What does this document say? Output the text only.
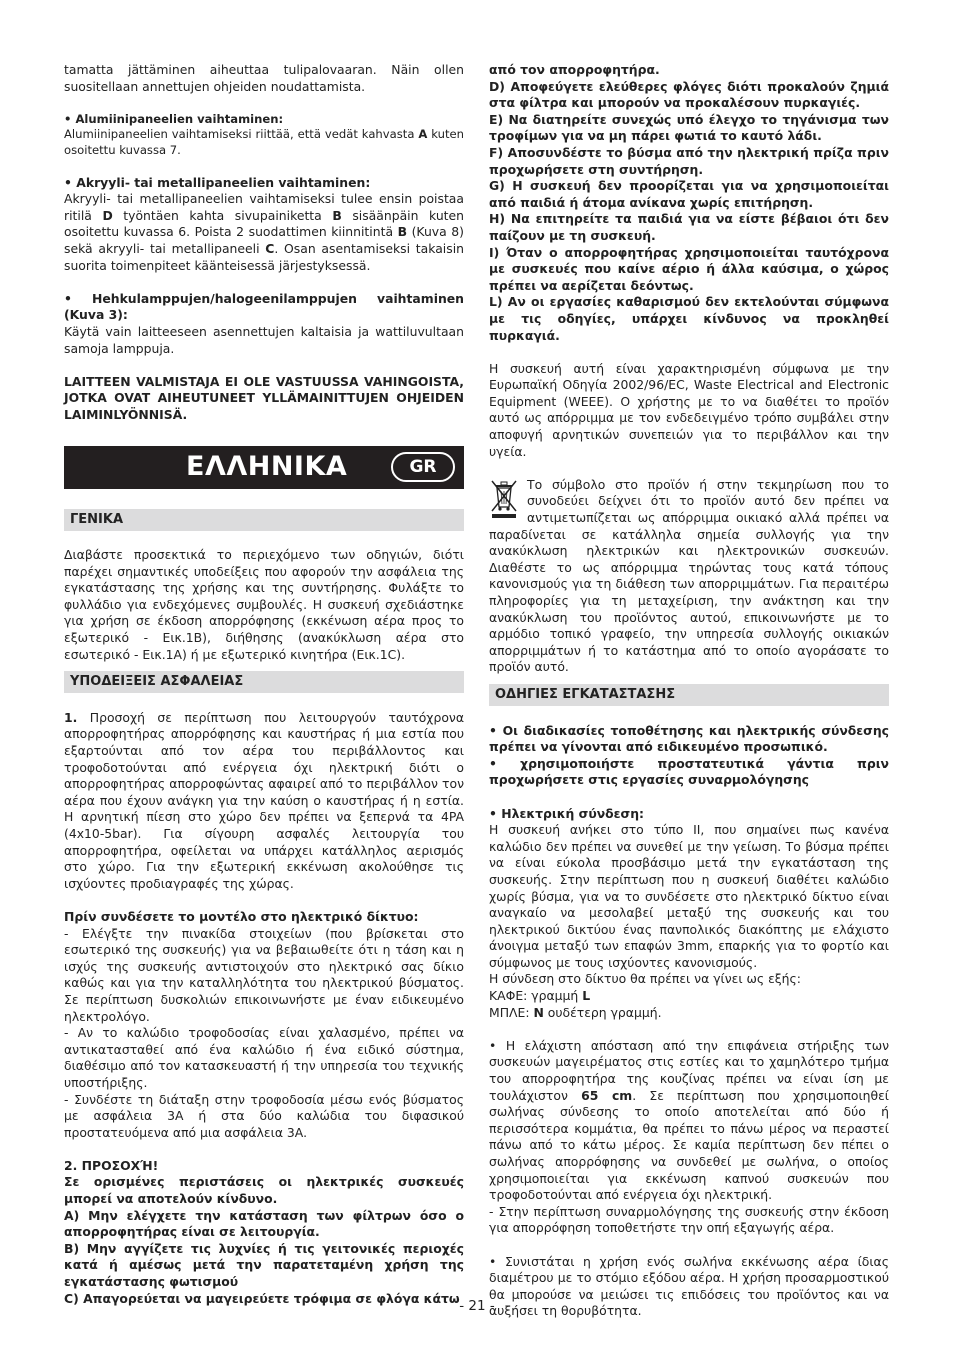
tamatta jättäminen aiheuttaa tulipalovaaran. Näin ollen suositellaan annettujen ohjeiden noudattamista.

• Alumiinipaneelien vaihtaminen:

Alumiinipaneelien vaihtamiseksi riittää, että vedät kahvasta A kuten osoitettu kuvassa 7.

• Akryyli- tai metallipaneelien vaihtaminen:

Akryyli- tai metallipaneelien vaihtamiseksi tulee ensin poistaa ritilä D työntäen kahta sivupainiketta B sisäänpäin kuten osoitettu kuvassa 6. Poista 2 suodattimen kiinnitintä B (Kuva 8) sekä akryyli- tai metallipaneeli C. Osan asentamiseksi takaisin suorita toimenpiteet käänteisessä järjestyksessä.

• Hehkulamppujen/halogeenilamppujen vaihtaminen (Kuva 3):

Käytä vain laitteeseen asennettujen kaltaisia ja wattiluvultaan samoja lamppuja.

LAITTEEN VALMISTAJA EI OLE VASTUUSSA VAHINGOISTA, JOTKA OVAT AIHEUTUNEET YLLÄMAINITTUJEN OHJEIDEN LAIMINLYÖNNISÄ.

ΕΛΛΗΝΙΚΑ	GR

ΓΕΝΙΚΑ

Διαβάστε προσεκτικά το περιεχόμενο των οδηγιών, διότι παρέχει σημαντικές υποδείξεις που αφορούν την ασφάλεια της εγκατάστασης της χρήσης και της συντήρησης. Φυλάξτε το φυλλάδιο για ενδεχόμενες συμβουλές. Η συσκευή σχεδιάστηκε για χρήση σε έκδοση απορρόφησης (εκκένωση αέρα προς το εξωτερικό - Εικ.1B), διήθησης (ανακύκλωση αέρα στο εσωτερικό - Εικ.1A) ή με εξωτερικό κινητήρα (Εικ.1C).

ΥΠΟΔΕΙΞΕΙΣ ΑΣΦΑΛΕΙΑΣ

1. Προσοχή σε περίπτωση που λειτουργούν ταυτόχρονα απορροφητήρας απορρόφησης και καυστήρας ή μια εστία που εξαρτούνται από τον αέρα του περιβάλλοντος και τροφοδοτούνται από ενέργεια όχι ηλεκτρική διότι ο απορροφητήρας απορροφώντας αφαιρεί από το περιβάλλον τον αέρα που έχουν ανάγκη για την καύση ο καυστήρας ή η εστία. Η αρνητική πίεση στο χώρο δεν πρέπει να ξεπερνά τα 4PA (4x10-5bar). Για σίγουρη ασφαλές λειτουργία του απορροφητήρα, οφείλεται να υπάρχει κατάλληλος αερισμός στο χώρο. Για την εξωτερική εκκένωση ακολούθησε τις ισχύοντες προδιαγραφές της χώρας.

Πρίν συνδέσετε το μοντέλο στο ηλεκτρικό δίκτυο:

- Ελέγξτε την πινακίδα στοιχείων (που βρίσκεται στο εσωτερικό της συσκευής) για να βεβαιωθείτε ότι η τάση και η ισχύς της συσκευής αντιστοιχούν στο ηλεκτρικό σας δίκιο καθώς και για την καταλληλότητα του ηλεκτρικού βύσματος. Σε περίπτωση δυσκολιών επικοινωνήστε με έναν ειδικευμένο ηλεκτρολόγο.

- Αν το καλώδιο τροφοδοσίας είναι χαλασμένο, πρέπει να αντικατασταθεί από ένα καλώδιο ή ένα ειδικό σύστημα, διαθέσιμο από τον κατασκευαστή ή την υπηρεσία του τεχνικής υποστήριξης.

- Συνδέστε τη διάταξη στην τροφοδοσία μέσω ενός βύσματος με ασφάλεια 3A ή στα δύο καλώδια του διφασικού προστατευόμενα από μια ασφάλεια 3A.

2. ΠΡΟΣΟΧΉ!

Σε ορισμένες περιστάσεις οι ηλεκτρικές συσκευές μπορεί να αποτελούν κίνδυνο.

A) Μην ελέγχετε την κατάσταση των φίλτρων όσο ο απορροφητήρας είναι σε λειτουργία.

B) Μην αγγίζετε τις λυχνίες ή τις γειτονικές περιοχές κατά ή αμέσως μετά την παρατεταμένη χρήση της εγκατάστασης φωτισμού

C) Απαγορεύεται να μαγειρεύετε τρόφιμα σε φλόγα κάτω

από τον απορροφητήρα.

D) Αποφεύγετε ελεύθερες φλόγες διότι προκαλούν ζημιά στα φίλτρα και μπορούν να προκαλέσουν πυρκαγιές.

E) Να διατηρείτε συνεχώς υπό έλεγχο το τηγάνισμα των τροφίμων για να μη πάρει φωτιά το καυτό λάδι.

F) Αποσυνδέστε το βύσμα από την ηλεκτρική πρίζα πριν προχωρήσετε στη συντήρηση.

G) Η συσκευή δεν προορίζεται για να χρησιμοποιείται από παιδιά ή άτομα ανίκανα χωρίς επιτήρηση.

H) Να επιτηρείτε τα παιδιά για να είστε βέβαιοι ότι δεν παίζουν με τη συσκευή.

I) Όταν ο απορροφητήρας χρησιμοποιείται ταυτόχρονα με συσκευές που καίνε αέριο ή άλλα καύσιμα, ο χώρος πρέπει να αερίζεται δεόντως.

L) Αν οι εργασίες καθαρισμού δεν εκτελούνται σύμφωνα με τις οδηγίες, υπάρχει κίνδυνος να προκληθεί πυρκαγιά.

Η συσκευή αυτή είναι χαρακτηρισμένη σύμφωνα με την Ευρωπαϊκή Οδηγία 2002/96/EC, Waste Electrical and Electronic Equipment (WEEE). Ο χρήστης με το να διαθέτει το προϊόν αυτό ως απόρριμμα με τον ενδεδειγμένο τρόπο συμβάλει στην αποφυγή αρνητικών συνεπειών για το περιβάλλον και την υγεία.

Το σύμβολο στο προϊόν ή στην τεκμηρίωση που το συνοδεύει δείχνει ότι το προϊόν αυτό δεν πρέπει να αντιμετωπίζεται ως απόρριμμα οικιακό αλλά πρέπει να παραδίνεται σε κατάλληλα σημεία συλλογής για την ανακύκλωση ηλεκτρικών και ηλεκτρονικών συσκευών. Διαθέστε το ως απόρριμμα τηρώντας τους κατά τόπους κανονισμούς για τη διάθεση των απορριμμάτων. Για περαιτέρω πληροφορίες για τη μεταχείριση, την ανάκτηση και την ανακύκλωση του προϊόντος αυτού, επικοινωνήστε με το αρμόδιο τοπικό γραφείο, την υπηρεσία συλλογής οικιακών απορριμμάτων ή το κατάστημα από το οποίο αγοράσατε το προϊόν αυτό.

ΟΔΗΓΙΕΣ ΕΓΚΑΤΑΣΤΑΣΗΣ

• Οι διαδικασίες τοποθέτησης και ηλεκτρικής σύνδεσης πρέπει να γίνονται από ειδικευμένο προσωπικό.

• χρησιμοποιήστε προστατευτικά γάντια πριν προχωρήσετε στις εργασίες συναρμολόγησης

• Ηλεκτρική σύνδεση:

Η συσκευή ανήκει στο τύπο II, που σημαίνει πως κανένα καλώδιο δεν πρέπει να συνεθεί με την γείωση. Το βύσμα πρέπει να είναι εύκολα προσβάσιμο μετά την εγκατάσταση της συσκευής. Στην περίπτωση που η συσκευή διαθέτει καλώδιο χωρίς βύσμα, για να το συνδέσετε στο ηλεκτρικό δίκτυο είναι αναγκαίο να μεσολαβεί μεταξύ της συσκευής και του ηλεκτρικού δικτύου ένας πανπολικός διακόπτης με ελάχιστο άνοιγμα μεταξύ των επαφών 3mm, επαρκής για το φορτίο και σύμφωνος με τους ισχύοντες κανονισμούς.

Η σύνδεση στο δίκτυο θα πρέπει να γίνει ως εξής:

ΚΑΦΕ: γραμμή L

ΜΠΛΕ: N ουδέτερη γραμμή.

• Η ελάχιστη απόσταση από την επιφάνεια στήριξης των συσκευών μαγειρέματος στις εστίες και το χαμηλότερο τμήμα του απορροφητήρα της κουζίνας πρέπει να είναι ίση με τουλάχιστον 65 cm. Σε περίπτωση που χρησιμοποιηθεί σωλήνας σύνδεσης το οποίο αποτελείται από δύο ή περισσότερα κομμάτια, θα πρέπει το πάνω μέρος να περαστεί πάνω από το κάτω μέρος. Σε καμία περίπτωση δεν πέπει ο σωλήνας απορρόφησης να συνδεθεί με σωλήνα, ο οποίος χρησιμοποιείται για εκκένωση καπνού συσκευών που τροφοδοτούνται από ενέργεια όχι ηλεκτρική.

- Στην περίπτωση συναρμολόγησης της συσκευής στην έκδοση για απορρόφηση τοποθετήστε την οπή εξαγωγής αέρα.

• Συνιστάται η χρήση ενός σωλήνα εκκένωσης αέρα ίδιας διαμέτρου με το στόμιο εξόδου αέρα. Η χρήση προσαρμοστικού θα μπορούσε να μειώσει τις επιδόσεις του προϊόντος και να αυξήσει τη θορυβότητα.

- 21 -
